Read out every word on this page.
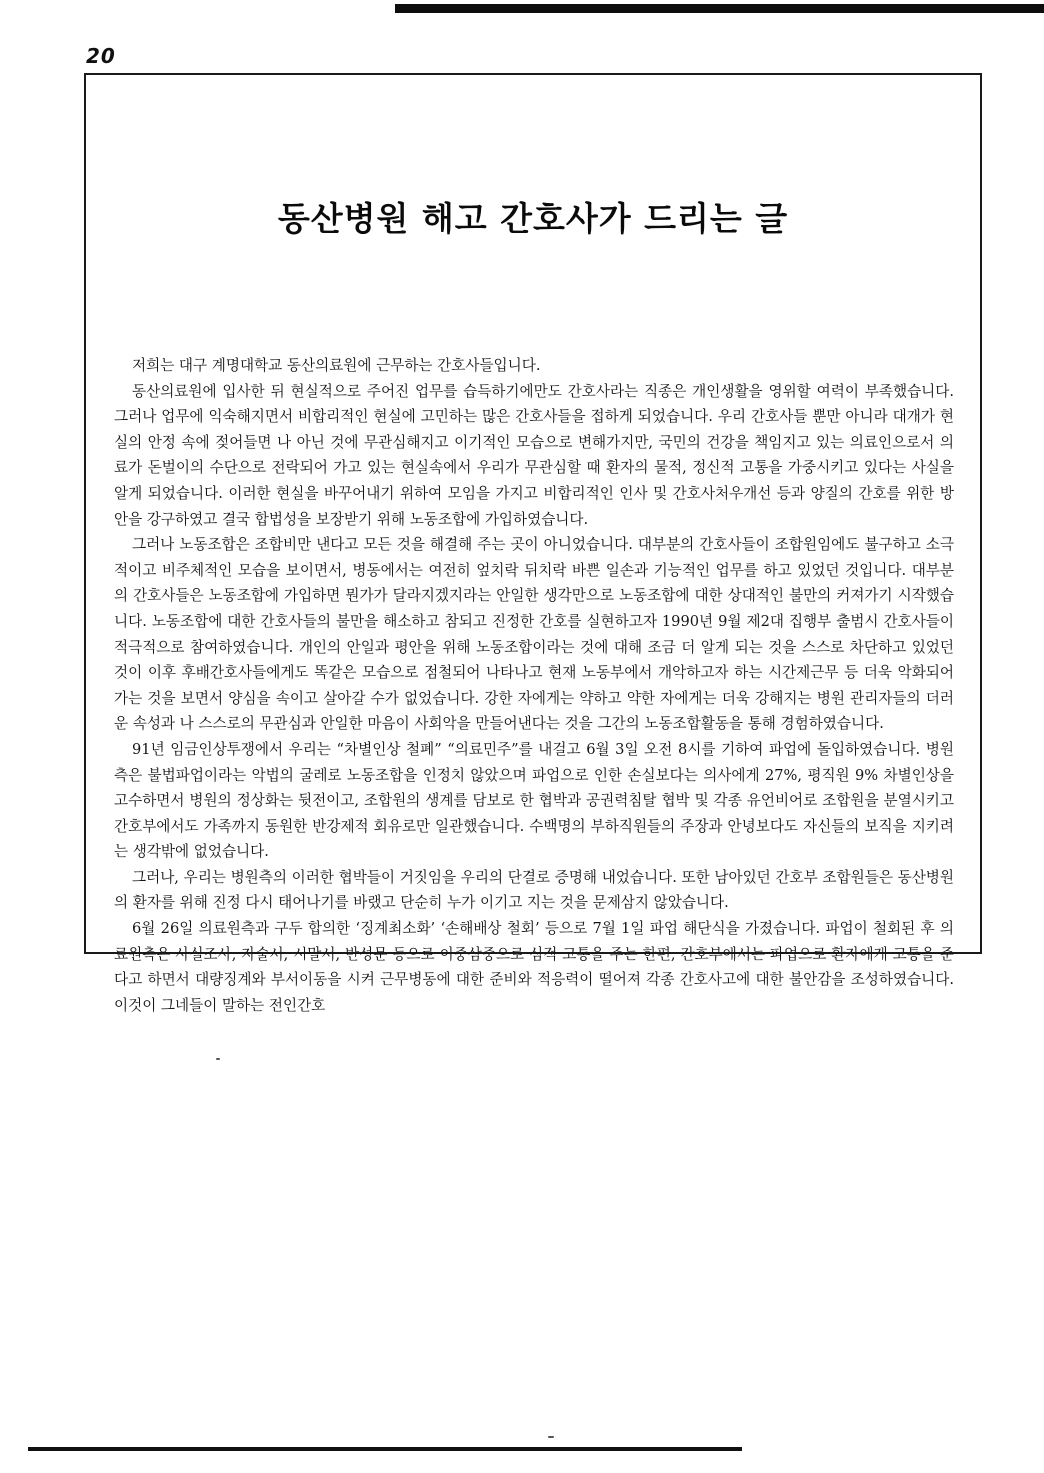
20
동산병원 해고 간호사가 드리는 글

저희는 대구 계명대학교 동산의료원에 근무하는 간호사들입니다.

동산의료원에 입사한 뒤 현실적으로 주어진 업무를 습득하기에만도 간호사라는 직종은 개인생활을 영위할 여력이 부족했습니다. 그러나 업무에 익숙해지면서 비합리적인 현실에 고민하는 많은 간호사들을 접하게 되었습니다. 우리 간호사들 뿐만 아니라 대개가 현실의 안정 속에 젖어들면 나 아닌 것에 무관심해지고 이기적인 모습으로 변해가지만, 국민의 건강을 책임지고 있는 의료인으로서 의료가 돈벌이의 수단으로 전락되어 가고 있는 현실속에서 우리가 무관심할 때 환자의 물적, 정신적 고통을 가중시키고 있다는 사실을 알게 되었습니다. 이러한 현실을 바꾸어내기 위하여 모임을 가지고 비합리적인 인사 및 간호사처우개선 등과 양질의 간호를 위한 방안을 강구하였고 결국 합법성을 보장받기 위해 노동조합에 가입하였습니다.

그러나 노동조합은 조합비만 낸다고 모든 것을 해결해 주는 곳이 아니었습니다. 대부분의 간호사들이 조합원임에도 불구하고 소극적이고 비주체적인 모습을 보이면서, 병동에서는 여전히 엎치락 뒤치락 바쁜 일손과 기능적인 업무를 하고 있었던 것입니다. 대부분의 간호사들은 노동조합에 가입하면 뭔가가 달라지겠지라는 안일한 생각만으로 노동조합에 대한 상대적인 불만의 커져가기 시작했습니다. 노동조합에 대한 간호사들의 불만을 해소하고 참되고 진정한 간호를 실현하고자 1990년 9월 제2대 집행부 출범시 간호사들이 적극적으로 참여하였습니다. 개인의 안일과 평안을 위해 노동조합이라는 것에 대해 조금 더 알게 되는 것을 스스로 차단하고 있었던 것이 이후 후배간호사들에게도 똑같은 모습으로 점철되어 나타나고 현재 노동부에서 개악하고자 하는 시간제근무 등 더욱 악화되어 가는 것을 보면서 양심을 속이고 살아갈 수가 없었습니다. 강한 자에게는 약하고 약한 자에게는 더욱 강해지는 병원 관리자들의 더러운 속성과 나 스스로의 무관심과 안일한 마음이 사회악을 만들어낸다는 것을 그간의 노동조합활동을 통해 경험하였습니다.

91년 임금인상투쟁에서 우리는 “차별인상 철폐” “의료민주”를 내걸고 6월 3일 오전 8시를 기하여 파업에 돌입하였습니다. 병원측은 불법파업이라는 악법의 굴레로 노동조합을 인정치 않았으며 파업으로 인한 손실보다는 의사에게 27%, 평직원 9% 차별인상을 고수하면서 병원의 정상화는 뒷전이고, 조합원의 생계를 담보로 한 협박과 공권력침탈 협박 및 각종 유언비어로 조합원을 분열시키고 간호부에서도 가족까지 동원한 반강제적 회유로만 일관했습니다. 수백명의 부하직원들의 주장과 안녕보다도 자신들의 보직을 지키려는 생각밖에 없었습니다.

그러나, 우리는 병원측의 이러한 협박들이 거짓임을 우리의 단결로 증명해 내었습니다. 또한 남아있던 간호부 조합원들은 동산병원의 환자를 위해 진정 다시 태어나기를 바랬고 단순히 누가 이기고 지는 것을 문제삼지 않았습니다.

6월 26일 의료원측과 구두 합의한 ‘징계최소화’ ‘손해배상 철회’ 등으로 7월 1일 파업 해단식을 가졌습니다. 파업이 철회된 후 의료원측은 사실조사, 자술서, 시말서, 반성문 등으로 이중삼중으로 심적 고통을 주는 한편, 간호부에서는 파업으로 환자에게 고통을 준다고 하면서 대량징계와 부서이동을 시켜 근무병동에 대한 준비와 적응력이 떨어져 각종 간호사고에 대한 불안감을 조성하였습니다. 이것이 그네들이 말하는 전인간호
